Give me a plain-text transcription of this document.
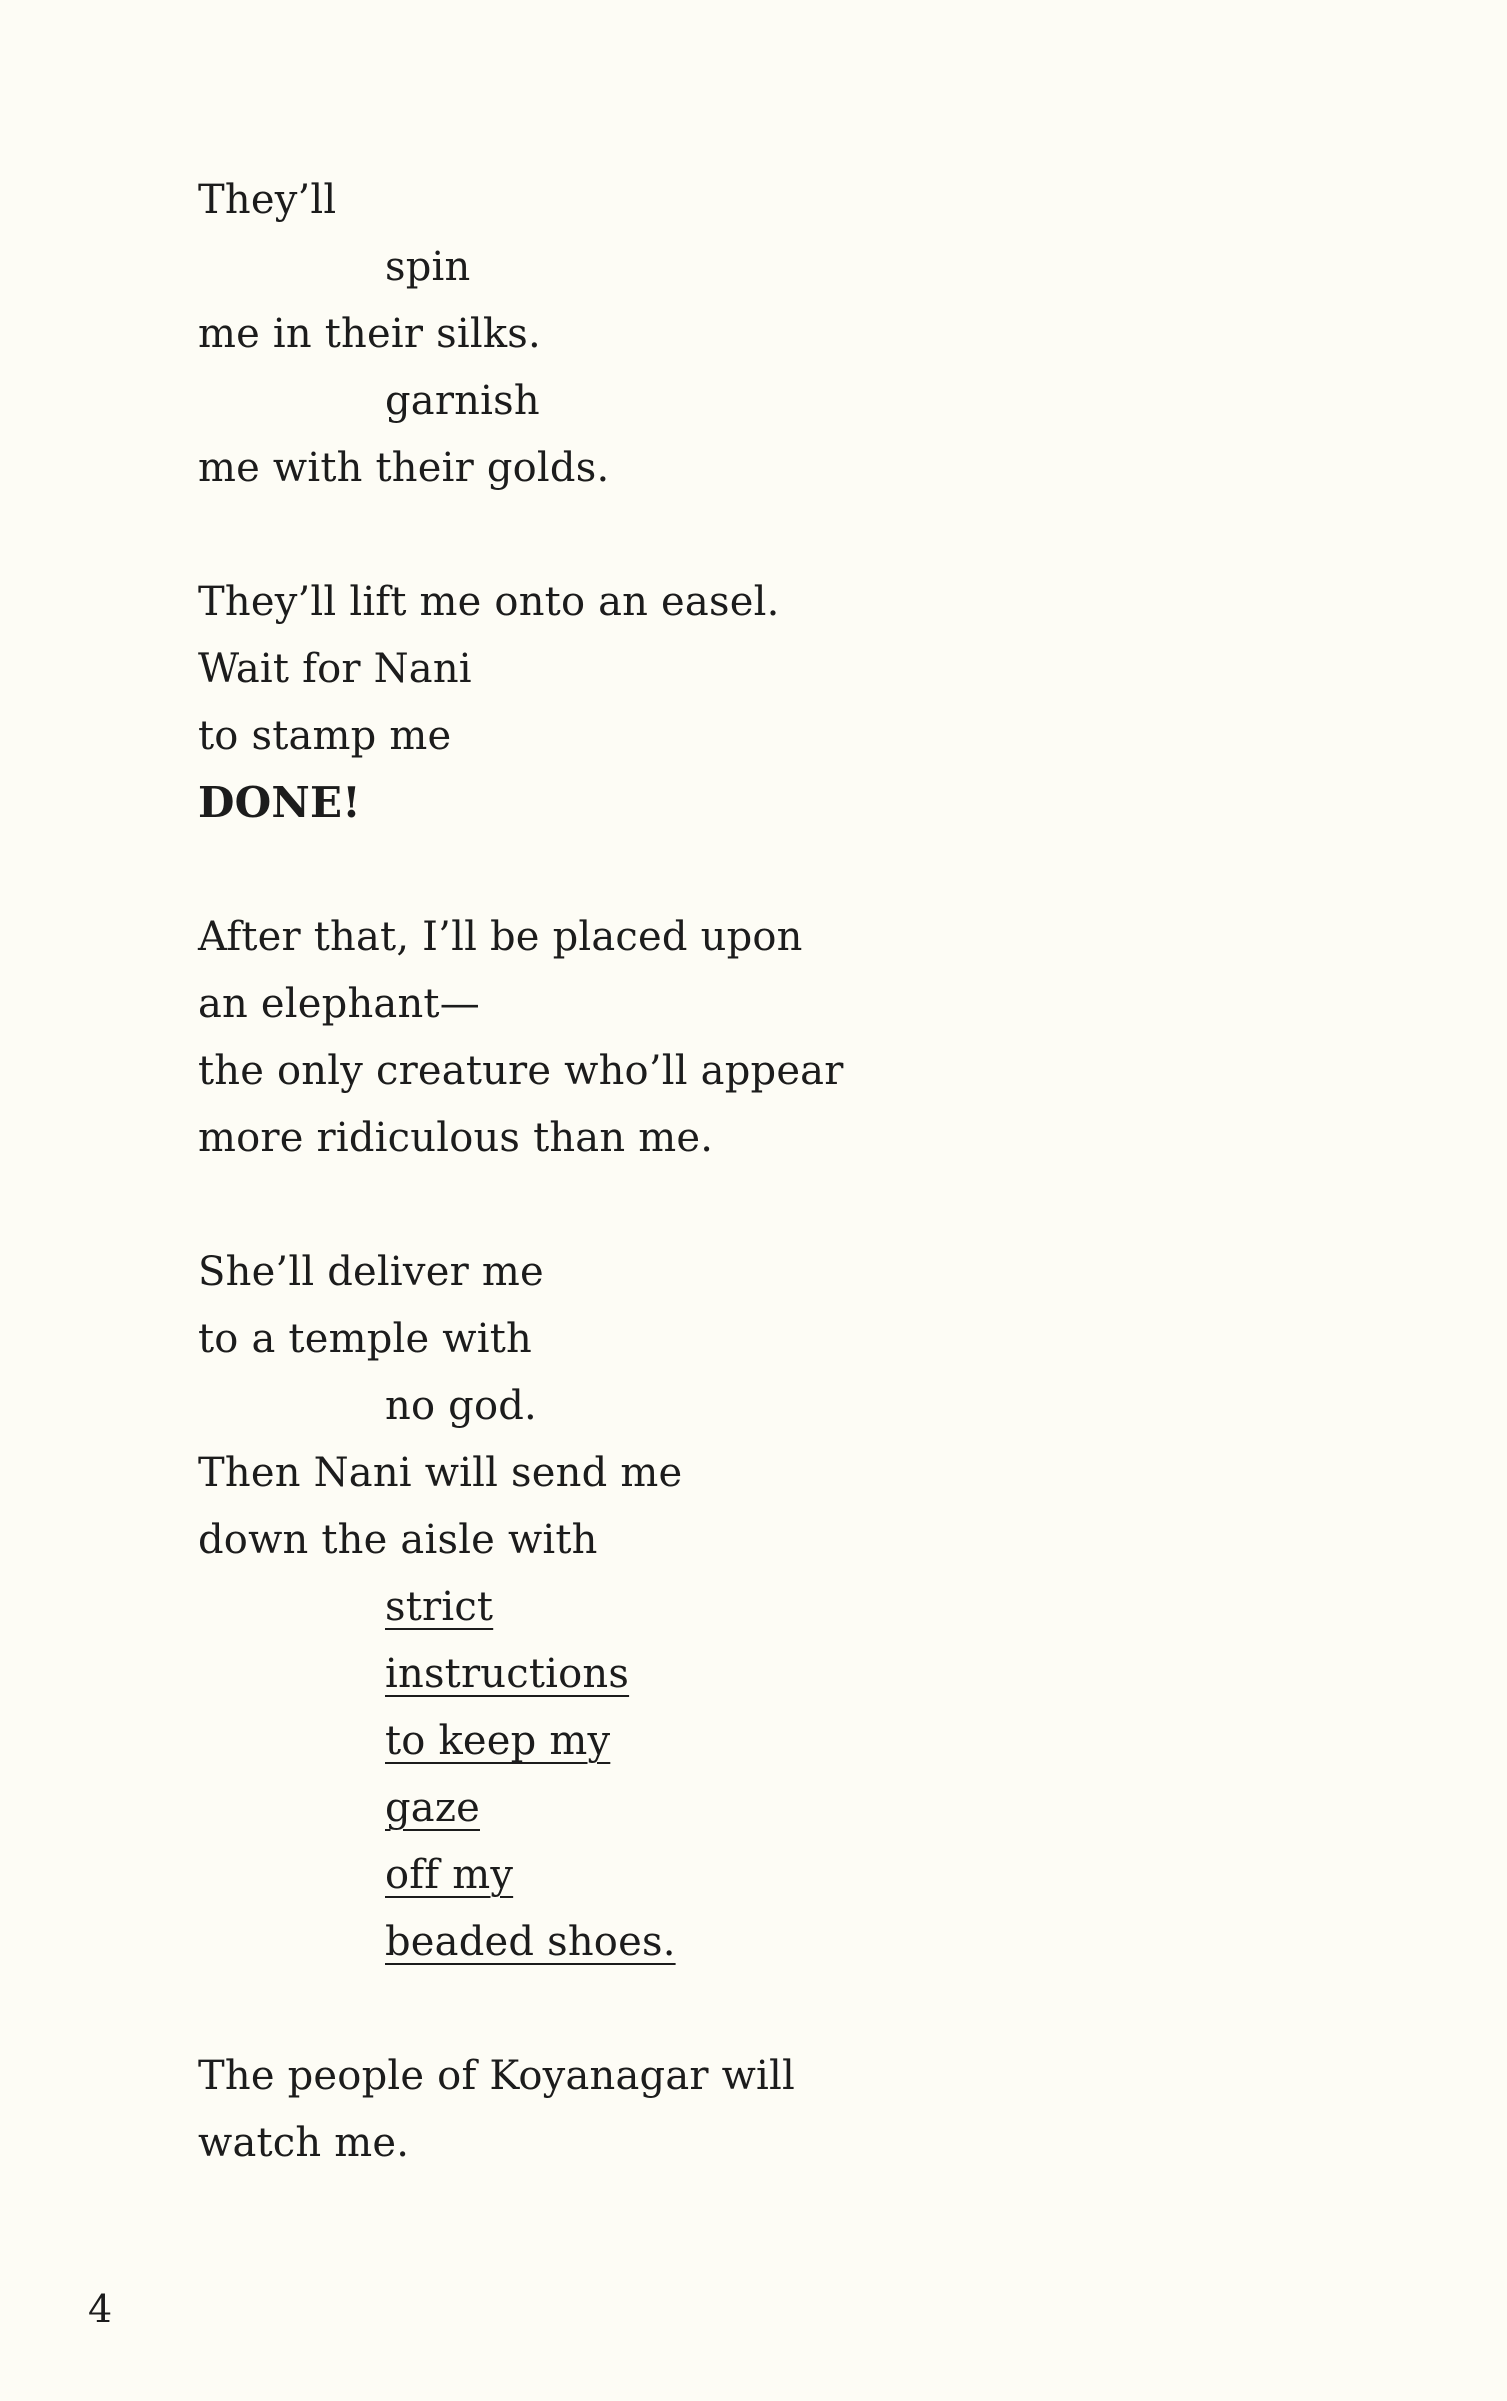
They’ll
spin
me in their silks.
garnish
me with their golds.
They’ll lift me onto an easel.
Wait for Nani
to stamp me
DONE!
After that, I’ll be placed upon
an elephant—
the only creature who’ll appear
more ridiculous than me.
She’ll deliver me
to a temple with
no god.
Then Nani will send me
down the aisle with
strict
instructions
to keep my
gaze
off my
beaded shoes.
The people of Koyanagar will
watch me.
4
